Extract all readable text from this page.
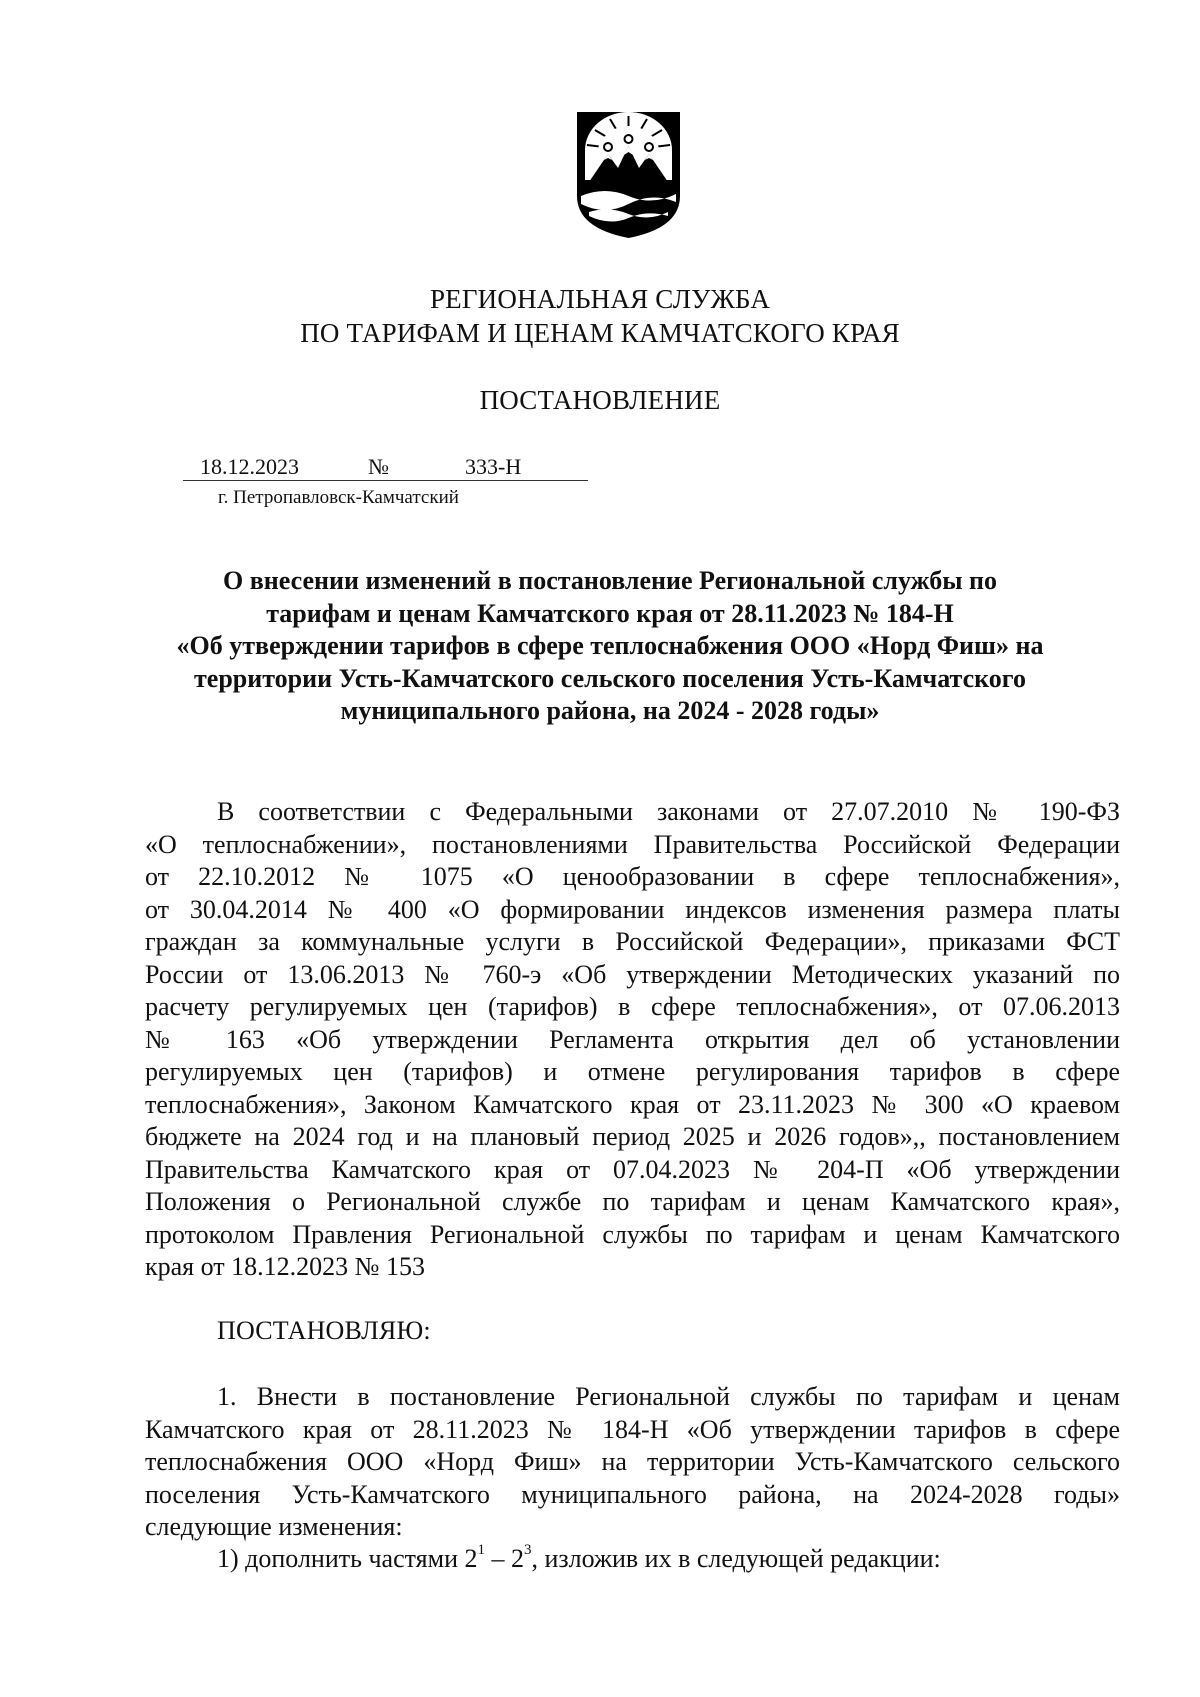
РЕГИОНАЛЬНАЯ СЛУЖБА
ПО ТАРИФАМ И ЦЕНАМ КАМЧАТСКОГО КРАЯ
ПОСТАНОВЛЕНИЕ
18.12.2023	№	333-Н
г. Петропавловск-Камчатский
О внесении изменений в постановление Региональной службы по
тарифам и ценам Камчатского края от 28.11.2023 № 184-Н
«Об утверждении тарифов в сфере теплоснабжения ООО «Норд Фиш» на
территории Усть-Камчатского сельского поселения Усть-Камчатского
муниципального района, на 2024 - 2028 годы»
В соответствии с Федеральными законами от 27.07.2010 № 190-ФЗ
«О теплоснабжении», постановлениями Правительства Российской Федерации
от 22.10.2012 № 1075 «О ценообразовании в сфере теплоснабжения»,
от 30.04.2014 № 400 «О формировании индексов изменения размера платы
граждан за коммунальные услуги в Российской Федерации», приказами ФСТ
России от 13.06.2013 № 760-э «Об утверждении Методических указаний по
расчету регулируемых цен (тарифов) в сфере теплоснабжения», от 07.06.2013
№ 163 «Об утверждении Регламента открытия дел об установлении
регулируемых цен (тарифов) и отмене регулирования тарифов в сфере
теплоснабжения», Законом Камчатского края от 23.11.2023 № 300 «О краевом
бюджете на 2024 год и на плановый период 2025 и 2026 годов»,, постановлением
Правительства Камчатского края от 07.04.2023 № 204-П «Об утверждении
Положения о Региональной службе по тарифам и ценам Камчатского края»,
протоколом Правления Региональной службы по тарифам и ценам Камчатского
края от 18.12.2023 № 153
ПОСТАНОВЛЯЮ:
1. Внести в постановление Региональной службы по тарифам и ценам
Камчатского края от 28.11.2023 № 184-Н «Об утверждении тарифов в сфере
теплоснабжения ООО «Норд Фиш» на территории Усть-Камчатского сельского
поселения Усть-Камчатского муниципального района, на 2024-2028 годы»
следующие изменения:
1) дополнить частями $2^1 - 2^3$, изложив их в следующей редакции:
